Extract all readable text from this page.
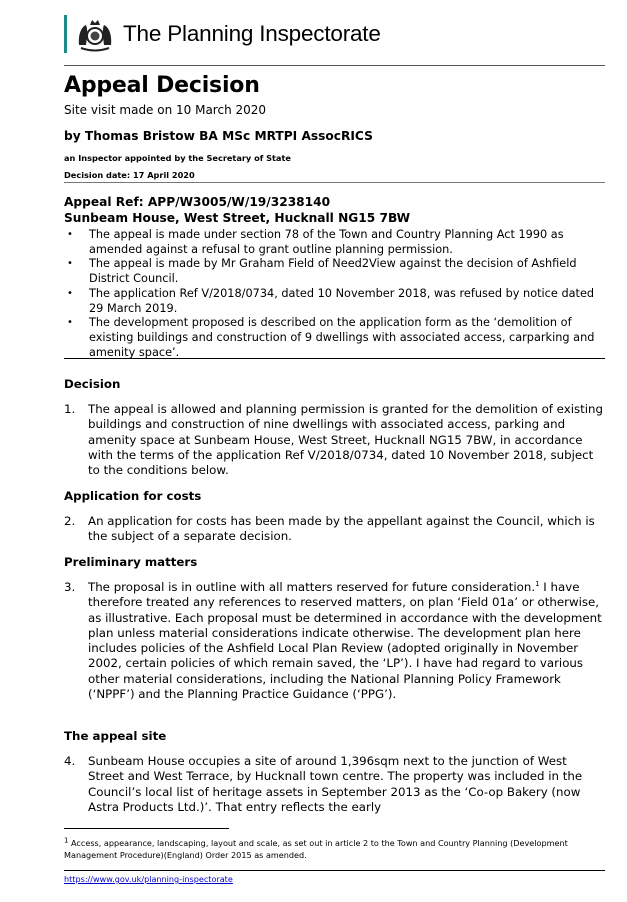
The Planning Inspectorate
Appeal Decision
Site visit made on 10 March 2020
by Thomas Bristow BA MSc MRTPI AssocRICS
an Inspector appointed by the Secretary of State
Decision date: 17 April 2020
Appeal Ref: APP/W3005/W/19/3238140
Sunbeam House, West Street, Hucknall NG15 7BW
• The appeal is made under section 78 of the Town and Country Planning Act 1990 as amended against a refusal to grant outline planning permission.
• The appeal is made by Mr Graham Field of Need2View against the decision of Ashfield District Council.
• The application Ref V/2018/0734, dated 10 November 2018, was refused by notice dated 29 March 2019.
• The development proposed is described on the application form as the ‘demolition of existing buildings and construction of 9 dwellings with associated access, carparking and amenity space’.
Decision
1. The appeal is allowed and planning permission is granted for the demolition of existing buildings and construction of nine dwellings with associated access, parking and amenity space at Sunbeam House, West Street, Hucknall NG15 7BW, in accordance with the terms of the application Ref V/2018/0734, dated 10 November 2018, subject to the conditions below.
Application for costs
2. An application for costs has been made by the appellant against the Council, which is the subject of a separate decision.
Preliminary matters
3. The proposal is in outline with all matters reserved for future consideration.$^1$ I have therefore treated any references to reserved matters, on plan ‘Field 01a’ or otherwise, as illustrative. Each proposal must be determined in accordance with the development plan unless material considerations indicate otherwise. The development plan here includes policies of the Ashfield Local Plan Review (adopted originally in November 2002, certain policies of which remain saved, the ‘LP’). I have had regard to various other material considerations, including the National Planning Policy Framework (‘NPPF’) and the Planning Practice Guidance (‘PPG’).
The appeal site
4. Sunbeam House occupies a site of around 1,396sqm next to the junction of West Street and West Terrace, by Hucknall town centre. The property was included in the Council’s local list of heritage assets in September 2013 as the ‘Co-op Bakery (now Astra Products Ltd.)’. That entry reflects the early
$^1$ Access, appearance, landscaping, layout and scale, as set out in article 2 to the Town and Country Planning (Development Management Procedure)(England) Order 2015 as amended.
https://www.gov.uk/planning-inspectorate
